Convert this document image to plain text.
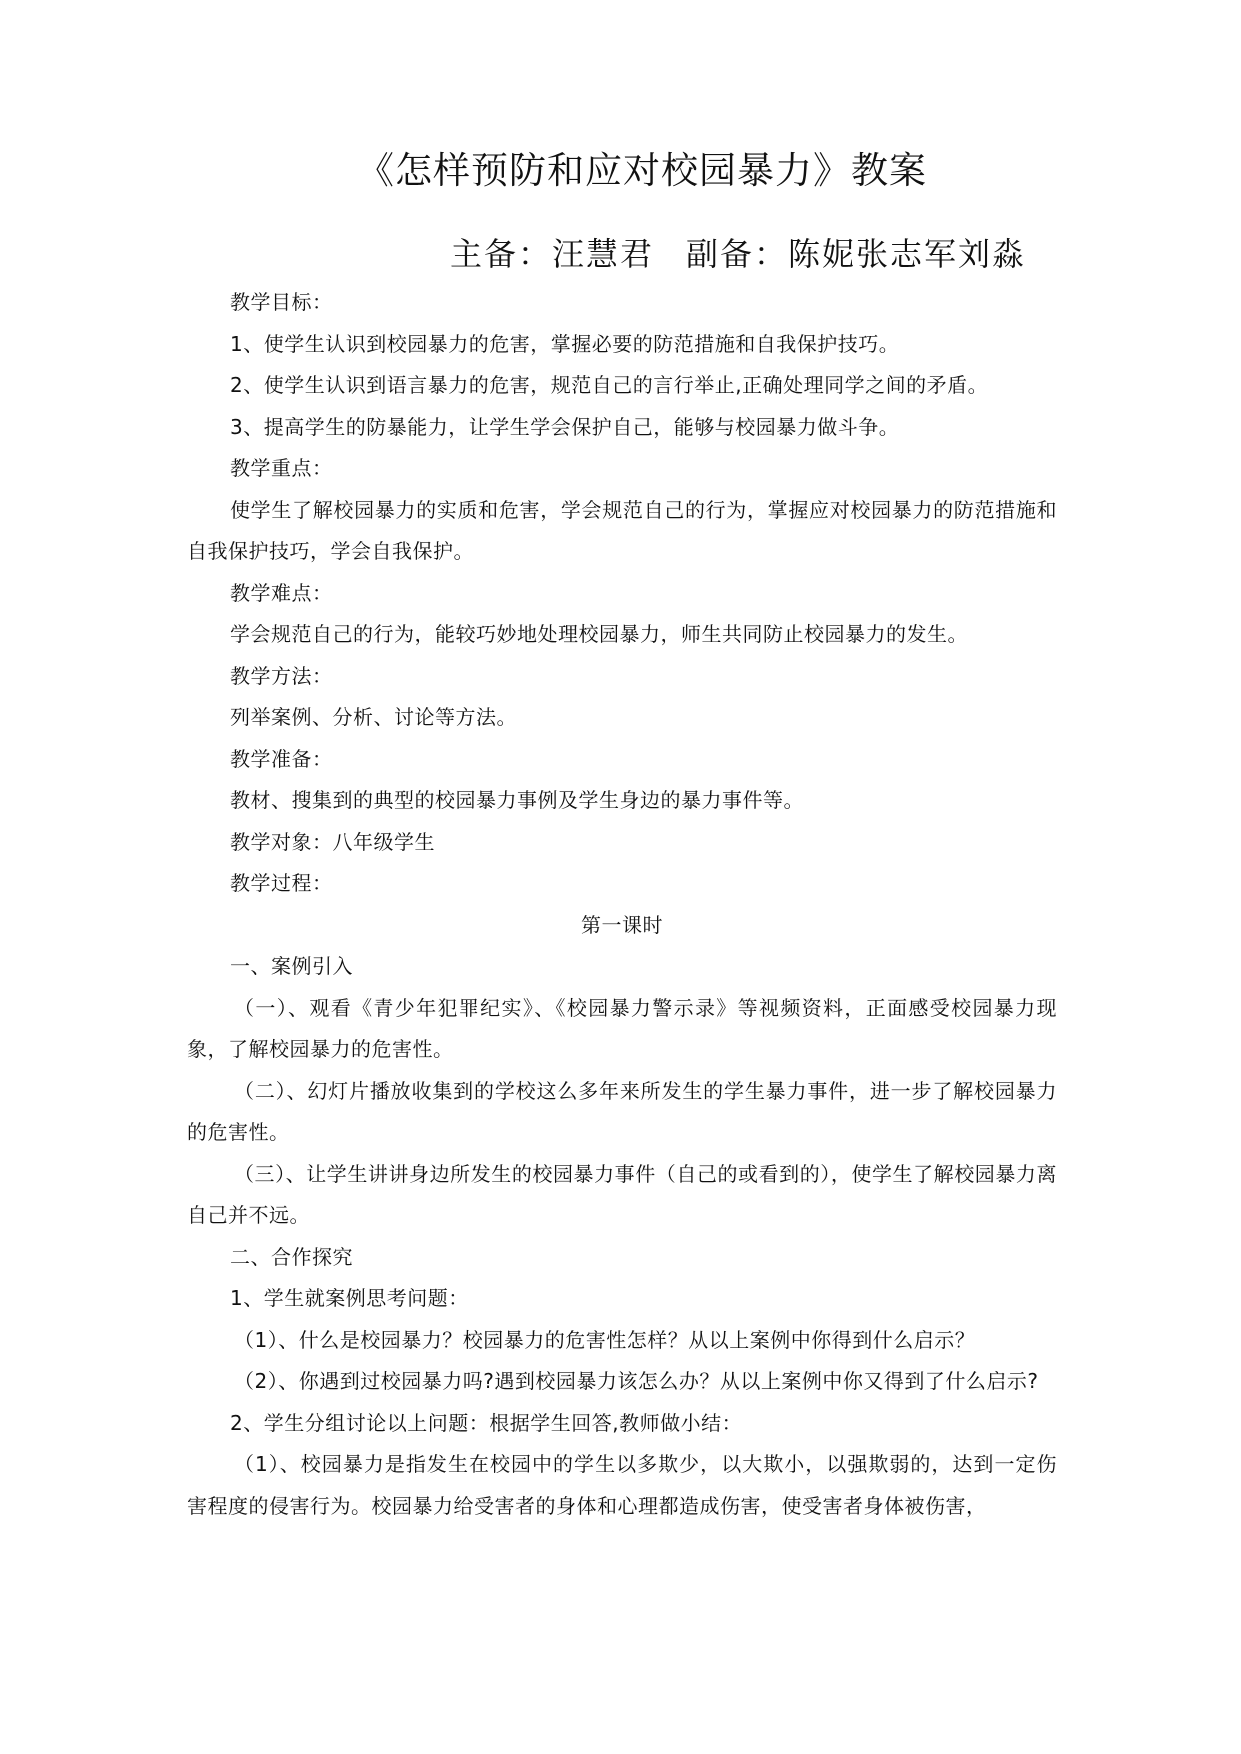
《怎样预防和应对校园暴力》教案
主备：汪慧君 副备：陈妮张志军刘淼

教学目标：

1、使学生认识到校园暴力的危害，掌握必要的防范措施和自我保护技巧。

2、使学生认识到语言暴力的危害，规范自己的言行举止,正确处理同学之间的矛盾。

3、提高学生的防暴能力，让学生学会保护自己，能够与校园暴力做斗争。

教学重点：

使学生了解校园暴力的实质和危害，学会规范自己的行为，掌握应对校园暴力的防范措施和自我保护技巧，学会自我保护。

教学难点：

学会规范自己的行为，能较巧妙地处理校园暴力，师生共同防止校园暴力的发生。

教学方法：

列举案例、分析、讨论等方法。

教学准备：

教材、搜集到的典型的校园暴力事例及学生身边的暴力事件等。

教学对象：八年级学生

教学过程：

第一课时

一、案例引入

（一）、观看《青少年犯罪纪实》、《校园暴力警示录》等视频资料，正面感受校园暴力现象，了解校园暴力的危害性。

（二）、幻灯片播放收集到的学校这么多年来所发生的学生暴力事件，进一步了解校园暴力的危害性。

（三）、让学生讲讲身边所发生的校园暴力事件（自己的或看到的），使学生了解校园暴力离自己并不远。

二、合作探究

1、学生就案例思考问题：

（1）、什么是校园暴力？校园暴力的危害性怎样？从以上案例中你得到什么启示？

（2）、你遇到过校园暴力吗?遇到校园暴力该怎么办？从以上案例中你又得到了什么启示?

2、学生分组讨论以上问题：根据学生回答,教师做小结：

（1）、校园暴力是指发生在校园中的学生以多欺少，以大欺小，以强欺弱的，达到一定伤害程度的侵害行为。校园暴力给受害者的身体和心理都造成伤害，使受害者身体被伤害，
